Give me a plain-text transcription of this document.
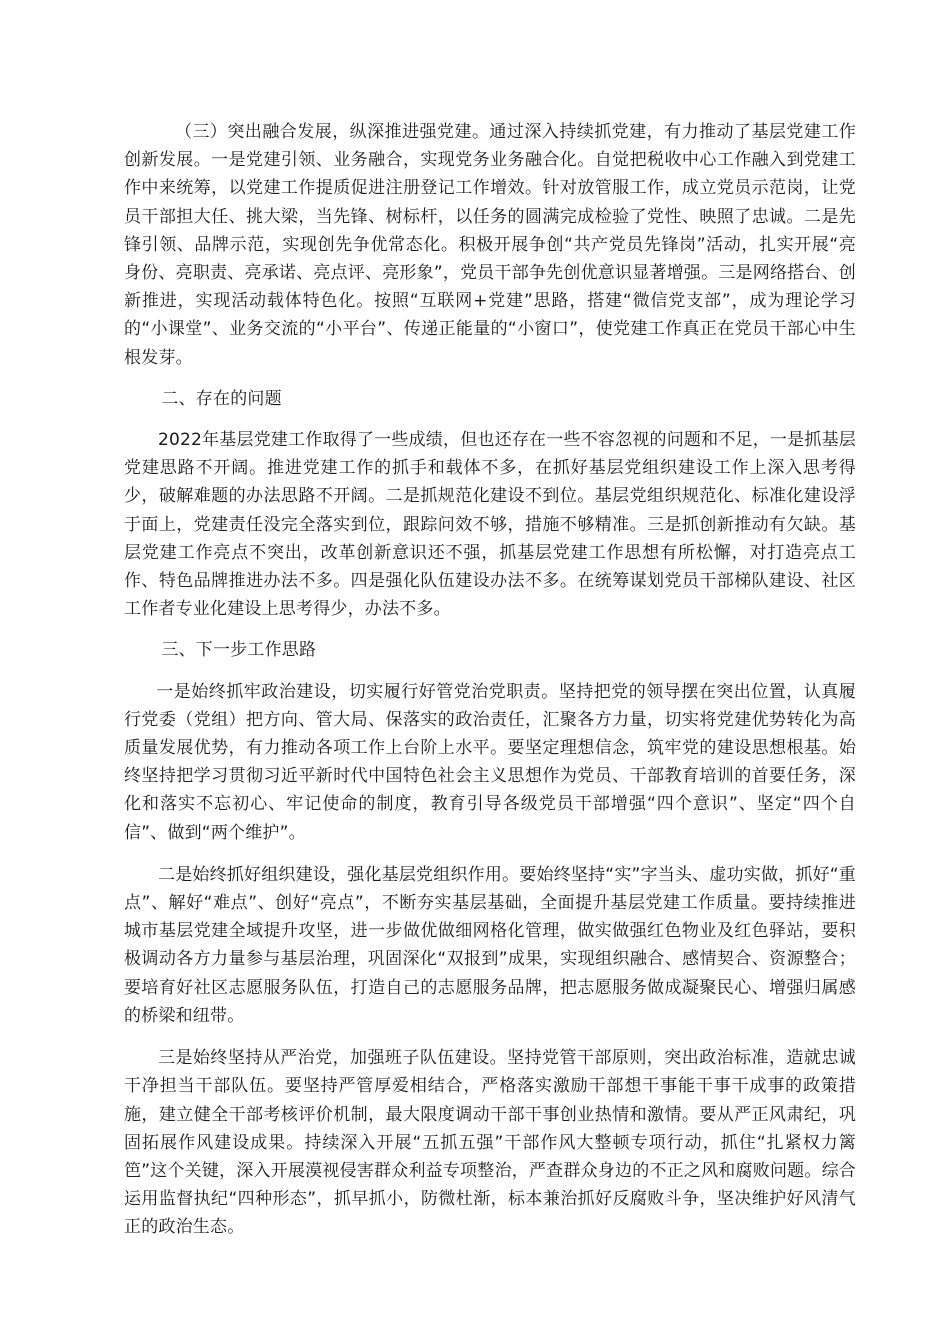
（三）突出融合发展，纵深推进强党建。通过深入持续抓党建，有力推动了基层党建工作创新发展。一是党建引领、业务融合，实现党务业务融合化。自觉把税收中心工作融入到党建工作中来统筹，以党建工作提质促进注册登记工作增效。针对放管服工作，成立党员示范岗，让党员干部担大任、挑大梁，当先锋、树标杆，以任务的圆满完成检验了党性、映照了忠诚。二是先锋引领、品牌示范，实现创先争优常态化。积极开展争创“共产党员先锋岗”活动，扎实开展“亮身份、亮职责、亮承诺、亮点评、亮形象”，党员干部争先创优意识显著增强。三是网络搭台、创新推进，实现活动载体特色化。按照“互联网+党建”思路，搭建“微信党支部”，成为理论学习的“小课堂”、业务交流的“小平台”、传递正能量的“小窗口”，使党建工作真正在党员干部心中生根发芽。

二、存在的问题

2022年基层党建工作取得了一些成绩，但也还存在一些不容忽视的问题和不足，一是抓基层党建思路不开阔。推进党建工作的抓手和载体不多，在抓好基层党组织建设工作上深入思考得少，破解难题的办法思路不开阔。二是抓规范化建设不到位。基层党组织规范化、标准化建设浮于面上，党建责任没完全落实到位，跟踪问效不够，措施不够精准。三是抓创新推动有欠缺。基层党建工作亮点不突出，改革创新意识还不强，抓基层党建工作思想有所松懈，对打造亮点工作、特色品牌推进办法不多。四是强化队伍建设办法不多。在统筹谋划党员干部梯队建设、社区工作者专业化建设上思考得少，办法不多。

三、下一步工作思路

一是始终抓牢政治建设，切实履行好管党治党职责。坚持把党的领导摆在突出位置，认真履行党委（党组）把方向、管大局、保落实的政治责任，汇聚各方力量，切实将党建优势转化为高质量发展优势，有力推动各项工作上台阶上水平。要坚定理想信念，筑牢党的建设思想根基。始终坚持把学习贯彻习近平新时代中国特色社会主义思想作为党员、干部教育培训的首要任务，深化和落实不忘初心、牢记使命的制度，教育引导各级党员干部增强“四个意识”、坚定“四个自信”、做到“两个维护”。

二是始终抓好组织建设，强化基层党组织作用。要始终坚持“实”字当头、虚功实做，抓好“重点”、解好“难点”、创好“亮点”，不断夯实基层基础，全面提升基层党建工作质量。要持续推进城市基层党建全域提升攻坚，进一步做优做细网格化管理，做实做强红色物业及红色驿站，要积极调动各方力量参与基层治理，巩固深化“双报到”成果，实现组织融合、感情契合、资源整合；要培育好社区志愿服务队伍，打造自己的志愿服务品牌，把志愿服务做成凝聚民心、增强归属感的桥梁和纽带。

三是始终坚持从严治党，加强班子队伍建设。坚持党管干部原则，突出政治标准，造就忠诚干净担当干部队伍。要坚持严管厚爱相结合，严格落实激励干部想干事能干事干成事的政策措施，建立健全干部考核评价机制，最大限度调动干部干事创业热情和激情。要从严正风肃纪，巩固拓展作风建设成果。持续深入开展“五抓五强”干部作风大整顿专项行动，抓住“扎紧权力篱笆”这个关键，深入开展漠视侵害群众利益专项整治，严查群众身边的不正之风和腐败问题。综合运用监督执纪“四种形态”，抓早抓小，防微杜渐，标本兼治抓好反腐败斗争，坚决维护好风清气正的政治生态。
